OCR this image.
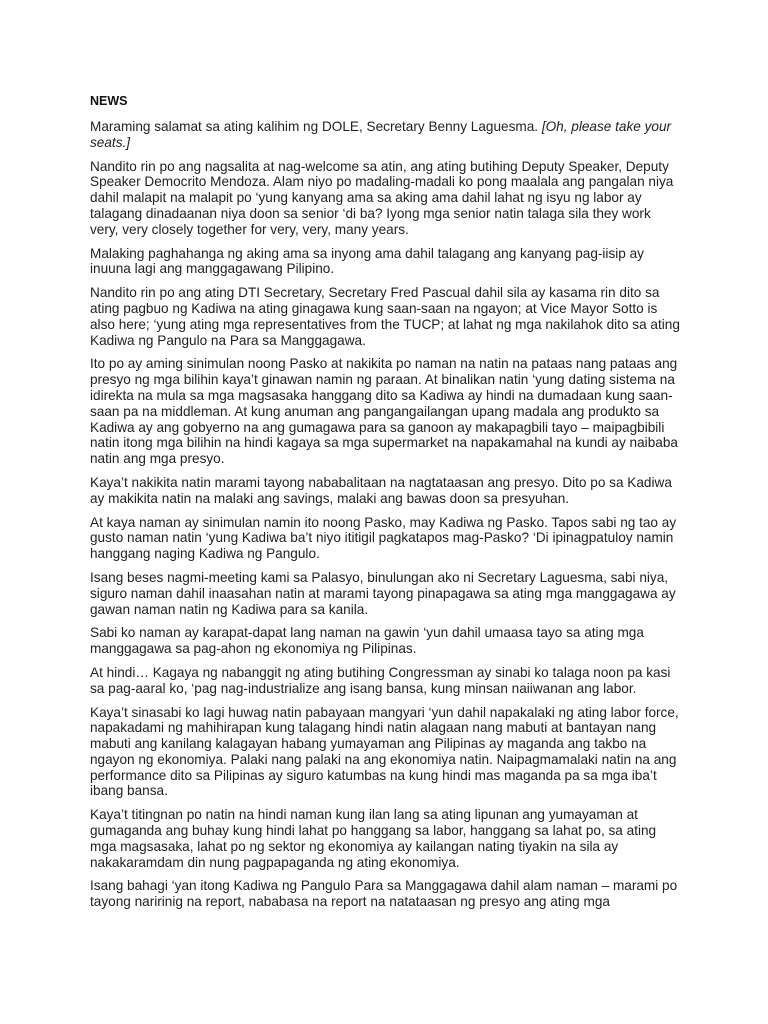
NEWS

Maraming salamat sa ating kalihim ng DOLE, Secretary Benny Laguesma. [Oh, please take your seats.]

Nandito rin po ang nagsalita at nag-welcome sa atin, ang ating butihing Deputy Speaker, Deputy Speaker Democrito Mendoza. Alam niyo po madaling-madali ko pong maalala ang pangalan niya dahil malapit na malapit po ‘yung kanyang ama sa aking ama dahil lahat ng isyu ng labor ay talagang dinadaanan niya doon sa senior ‘di ba? Iyong mga senior natin talaga sila they work very, very closely together for very, very, many years.

Malaking paghahanga ng aking ama sa inyong ama dahil talagang ang kanyang pag-iisip ay inuuna lagi ang manggagawang Pilipino.

Nandito rin po ang ating DTI Secretary, Secretary Fred Pascual dahil sila ay kasama rin dito sa ating pagbuo ng Kadiwa na ating ginagawa kung saan-saan na ngayon; at Vice Mayor Sotto is also here; ‘yung ating mga representatives from the TUCP; at lahat ng mga nakilahok dito sa ating Kadiwa ng Pangulo na Para sa Manggagawa.

Ito po ay aming sinimulan noong Pasko at nakikita po naman na natin na pataas nang pataas ang presyo ng mga bilihin kaya’t ginawan namin ng paraan. At binalikan natin ‘yung dating sistema na idirekta na mula sa mga magsasaka hanggang dito sa Kadiwa ay hindi na dumadaan kung saan-saan pa na middleman. At kung anuman ang pangangailangan upang madala ang produkto sa Kadiwa ay ang gobyerno na ang gumagawa para sa ganoon ay makapagbili tayo – maipagbibili natin itong mga bilihin na hindi kagaya sa mga supermarket na napakamahal na kundi ay naibaba natin ang mga presyo.

Kaya’t nakikita natin marami tayong nababalitaan na nagtataasan ang presyo. Dito po sa Kadiwa ay makikita natin na malaki ang savings, malaki ang bawas doon sa presyuhan.

At kaya naman ay sinimulan namin ito noong Pasko, may Kadiwa ng Pasko. Tapos sabi ng tao ay gusto naman natin ‘yung Kadiwa ba’t niyo ititigil pagkatapos mag-Pasko? ‘Di ipinagpatuloy namin hanggang naging Kadiwa ng Pangulo.

Isang beses nagmi-meeting kami sa Palasyo, binulungan ako ni Secretary Laguesma, sabi niya, siguro naman dahil inaasahan natin at marami tayong pinapagawa sa ating mga manggagawa ay gawan naman natin ng Kadiwa para sa kanila.

Sabi ko naman ay karapat-dapat lang naman na gawin ‘yun dahil umaasa tayo sa ating mga manggagawa sa pag-ahon ng ekonomiya ng Pilipinas.

At hindi… Kagaya ng nabanggit ng ating butihing Congressman ay sinabi ko talaga noon pa kasi sa pag-aaral ko, ‘pag nag-industrialize ang isang bansa, kung minsan naiiwanan ang labor.

Kaya’t sinasabi ko lagi huwag natin pabayaan mangyari ‘yun dahil napakalaki ng ating labor force, napakadami ng mahihirapan kung talagang hindi natin alagaan nang mabuti at bantayan nang mabuti ang kanilang kalagayan habang yumayaman ang Pilipinas ay maganda ang takbo na ngayon ng ekonomiya. Palaki nang palaki na ang ekonomiya natin. Naipagmamalaki natin na ang performance dito sa Pilipinas ay siguro katumbas na kung hindi mas maganda pa sa mga iba’t ibang bansa.

Kaya’t titingnan po natin na hindi naman kung ilan lang sa ating lipunan ang yumayaman at gumaganda ang buhay kung hindi lahat po hanggang sa labor, hanggang sa lahat po, sa ating mga magsasaka, lahat po ng sektor ng ekonomiya ay kailangan nating tiyakin na sila ay nakakaramdam din nung pagpapaganda ng ating ekonomiya.

Isang bahagi ‘yan itong Kadiwa ng Pangulo Para sa Manggagawa dahil alam naman – marami po tayong naririnig na report, nababasa na report na natataasan ng presyo ang ating mga
